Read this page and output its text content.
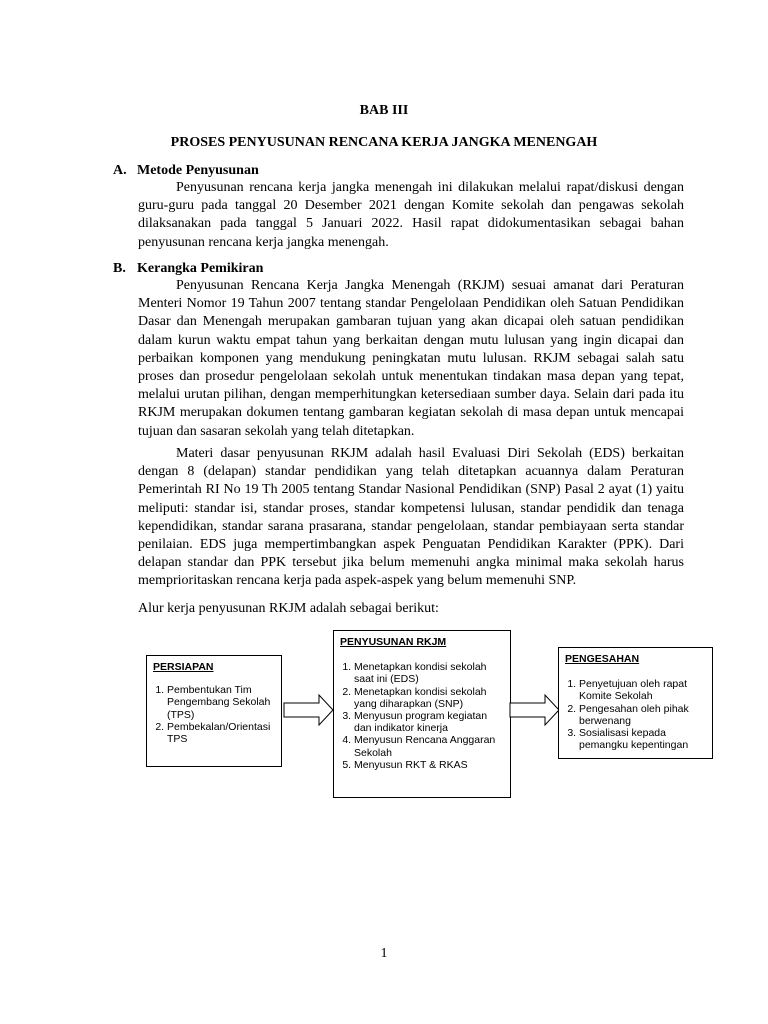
BAB III
PROSES PENYUSUNAN RENCANA KERJA JANGKA MENENGAH
A. Metode Penyusunan
Penyusunan rencana kerja jangka menengah ini dilakukan melalui rapat/diskusi dengan guru-guru pada tanggal 20 Desember 2021 dengan Komite sekolah dan pengawas sekolah dilaksanakan pada tanggal 5 Januari 2022. Hasil rapat didokumentasikan sebagai bahan penyusunan rencana kerja jangka menengah.
B. Kerangka Pemikiran
Penyusunan Rencana Kerja Jangka Menengah (RKJM) sesuai amanat dari Peraturan Menteri Nomor 19 Tahun 2007 tentang standar Pengelolaan Pendidikan oleh Satuan Pendidikan Dasar dan Menengah merupakan gambaran tujuan yang akan dicapai oleh satuan pendidikan dalam kurun waktu empat tahun yang berkaitan dengan mutu lulusan yang ingin dicapai dan perbaikan komponen yang mendukung peningkatan mutu lulusan. RKJM sebagai salah satu proses dan prosedur pengelolaan sekolah untuk menentukan tindakan masa depan yang tepat, melalui urutan pilihan, dengan memperhitungkan ketersediaan sumber daya. Selain dari pada itu RKJM merupakan dokumen tentang gambaran kegiatan sekolah di masa depan untuk mencapai tujuan dan sasaran sekolah yang telah ditetapkan.
Materi dasar penyusunan RKJM adalah hasil Evaluasi Diri Sekolah (EDS) berkaitan dengan 8 (delapan) standar pendidikan yang telah ditetapkan acuannya dalam Peraturan Pemerintah RI No 19 Th 2005 tentang Standar Nasional Pendidikan (SNP) Pasal 2 ayat (1) yaitu meliputi: standar isi, standar proses, standar kompetensi lulusan, standar pendidik dan tenaga kependidikan, standar sarana prasarana, standar pengelolaan, standar pembiayaan serta standar penilaian. EDS juga mempertimbangkan aspek Penguatan Pendidikan Karakter (PPK). Dari delapan standar dan PPK tersebut jika belum memenuhi angka minimal maka sekolah harus memprioritaskan rencana kerja pada aspek-aspek yang belum memenuhi SNP.
Alur kerja penyusunan RKJM adalah sebagai berikut:
PERSIAPAN
1. Pembentukan Tim Pengembang Sekolah (TPS)
2. Pembekalan/Orientasi TPS
PENYUSUNAN RKJM
1. Menetapkan kondisi sekolah saat ini (EDS)
2. Menetapkan kondisi sekolah yang diharapkan (SNP)
3. Menyusun program kegiatan dan indikator kinerja
4. Menyusun Rencana Anggaran Sekolah
5. Menyusun RKT & RKAS
PENGESAHAN
1. Penyetujuan oleh rapat Komite Sekolah
2. Pengesahan oleh pihak berwenang
3. Sosialisasi kepada pemangku kepentingan
1
